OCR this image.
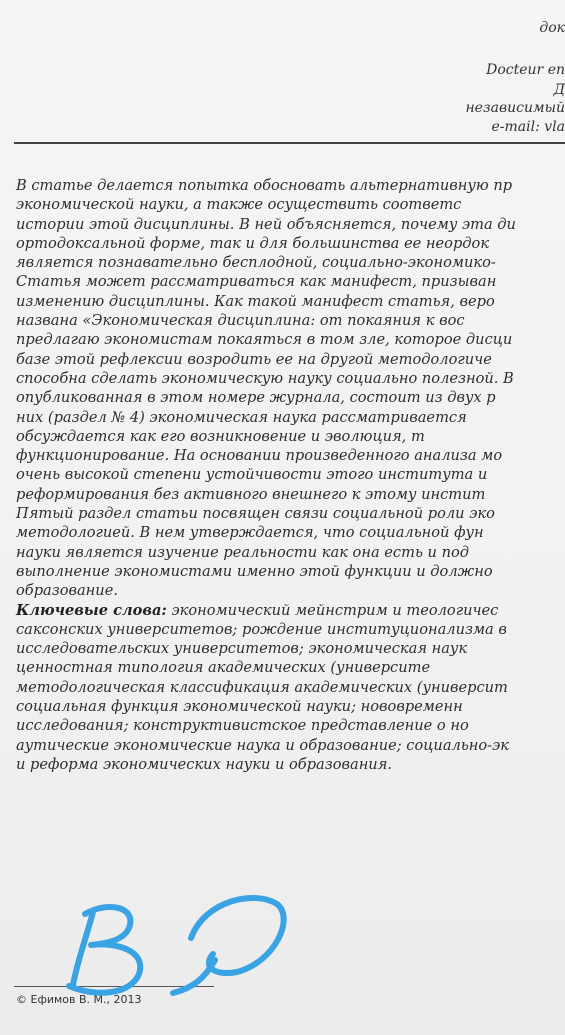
док
Docteur en
Д
независимый
e-mail: vla
В статье делается попытка обосновать альтернативную пр
экономической науки, а также осуществить соответс
истории этой дисциплины. В ней объясняется, почему эта ди
ортодоксальной форме, так и для большинства ее неордок
является познавательно бесплодной, социально-экономико-
Статья может рассматриваться как манифест, призыван
изменению дисциплины. Как такой манифест статья, веро
названа «Экономическая дисциплина: от покаяния к вос
предлагаю экономистам покаяться в том зле, которое дисци
базе этой рефлексии возродить ее на другой методологиче
способна сделать экономическую науку социально полезной. В
опубликованная в этом номере журнала, состоит из двух р
них (раздел № 4) экономическая наука рассматривается
обсуждается как его возникновение и эволюция, т
функционирование. На основании произведенного анализа мо
очень высокой степени устойчивости этого института и
реформирования без активного внешнего к этому инстит
Пятый раздел статьи посвящен связи социальной роли эко
методологией. В нем утверждается, что социальной фун
науки является изучение реальности как она есть и под
выполнение экономистами именно этой функции и должно
образование.
Ключевые слова: экономический мейнстрим и теологичес
саксонских университетов; рождение институционализма в
исследовательских университетов; экономическая наук
ценностная типология академических (университе
методологическая классификация академических (университ
социальная функция экономической науки; нововременн
исследования; конструктивистское представление о но
аутические экономические наука и образование; социально-эк
и реформа экономических науки и образования.
© Ефимов В. М., 2013
